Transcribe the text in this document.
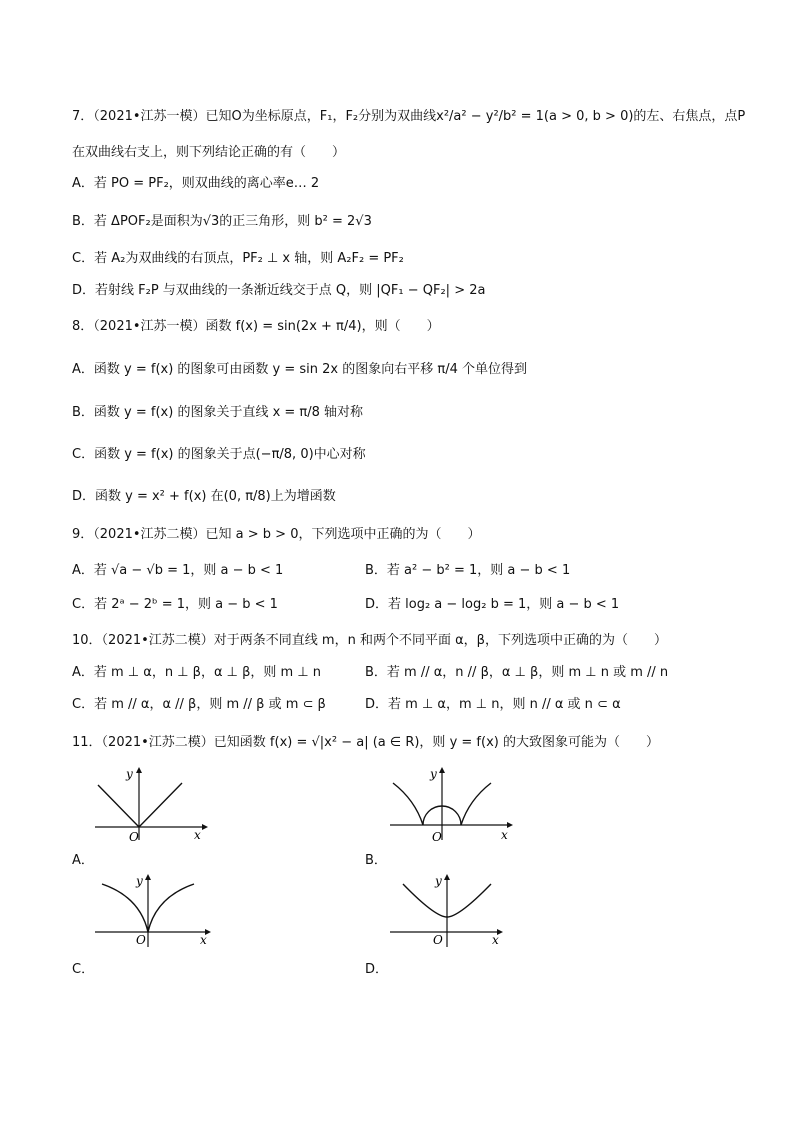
7．（2021•江苏一模）已知O为坐标原点，F₁，F₂分别为双曲线x²/a² − y²/b² = 1(a > 0, b > 0)的左、右焦点，点P
在双曲线右支上，则下列结论正确的有（　　）
A．若 PO = PF₂，则双曲线的离心率e… 2
B．若 ΔPOF₂是面积为√3的正三角形，则 b² = 2√3
C．若 A₂为双曲线的右顶点，PF₂ ⊥ x 轴，则 A₂F₂ = PF₂
D．若射线 F₂P 与双曲线的一条渐近线交于点 Q，则 |QF₁ − QF₂| > 2a
8．（2021•江苏一模）函数 f(x) = sin(2x + π/4)，则（　　）
A．函数 y = f(x) 的图象可由函数 y = sin 2x 的图象向右平移 π/4 个单位得到
B．函数 y = f(x) 的图象关于直线 x = π/8 轴对称
C．函数 y = f(x) 的图象关于点(−π/8, 0)中心对称
D．函数 y = x² + f(x) 在(0, π/8)上为增函数
9．（2021•江苏二模）已知 a > b > 0，下列选项中正确的为（　　）
A．若 √a − √b = 1，则 a − b < 1	B．若 a² − b² = 1，则 a − b < 1
C．若 2ᵃ − 2ᵇ = 1，则 a − b < 1	D．若 log₂ a − log₂ b = 1，则 a − b < 1
10．（2021•江苏二模）对于两条不同直线 m，n 和两个不同平面 α，β，下列选项中正确的为（　　）
A．若 m ⊥ α，n ⊥ β，α ⊥ β，则 m ⊥ n	B．若 m // α，n // β，α ⊥ β，则 m ⊥ n 或 m // n
C．若 m // α，α // β，则 m // β 或 m ⊂ β	D．若 m ⊥ α，m ⊥ n，则 n // α 或 n ⊂ α
11．（2021•江苏二模）已知函数 f(x) = √|x² − a| (a ∈ R)，则 y = f(x) 的大致图象可能为（　　）
y
x
O
A．
y
x
O
B．
y
x
O
C．
y
x
O
D．
